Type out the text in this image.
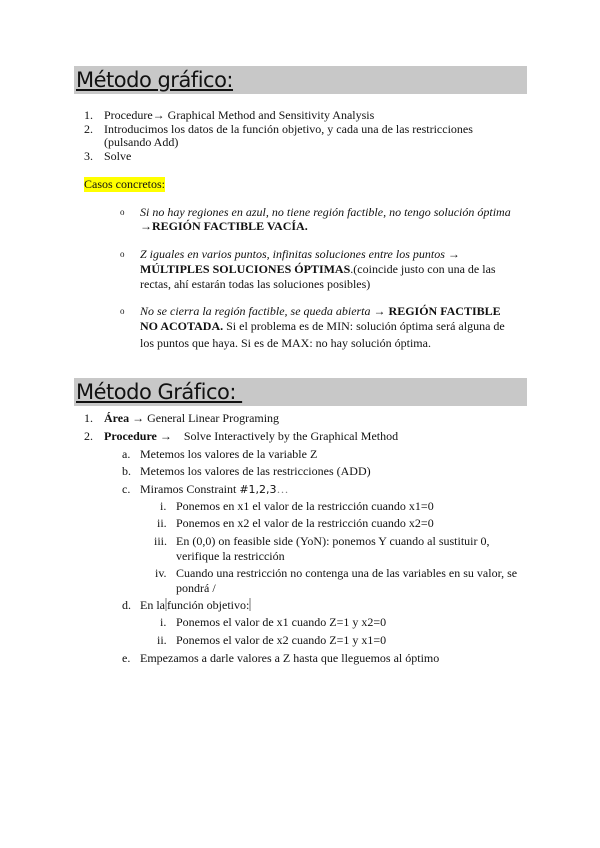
Método gráfico:
1. Procedure→ Graphical Method and Sensitivity Analysis
2. Introducimos los datos de la función objetivo, y cada una de las restricciones
(pulsando Add)
3. Solve
Casos concretos:
o Si no hay regiones en azul, no tiene región factible, no tengo solución óptima
→REGIÓN FACTIBLE VACÍA.
o Z iguales en varios puntos, infinitas soluciones entre los puntos →
MÚLTIPLES SOLUCIONES ÓPTIMAS.(coincide justo con una de las
rectas, ahí estarán todas las soluciones posibles)
o No se cierra la región factible, se queda abierta → REGIÓN FACTIBLE
NO ACOTADA. Si el problema es de MIN: solución óptima será alguna de
los puntos que haya. Si es de MAX: no hay solución óptima.
Método Gráfico:
1. Área → General Linear Programing
2. Procedure →    Solve Interactively by the Graphical Method
a. Metemos los valores de la variable Z
b. Metemos los valores de las restricciones (ADD)
c. Miramos Constraint #1,2,3…
i. Ponemos en x1 el valor de la restricción cuando x1=0
ii. Ponemos en x2 el valor de la restricción cuando x2=0
iii. En (0,0) on feasible side (YoN): ponemos Y cuando al sustituir 0,
verifique la restricción
iv. Cuando una restricción no contenga una de las variables en su valor, se
pondrá /
d. En la función objetivo:
i. Ponemos el valor de x1 cuando Z=1 y x2=0
ii. Ponemos el valor de x2 cuando Z=1 y x1=0
e. Empezamos a darle valores a Z hasta que lleguemos al óptimo
